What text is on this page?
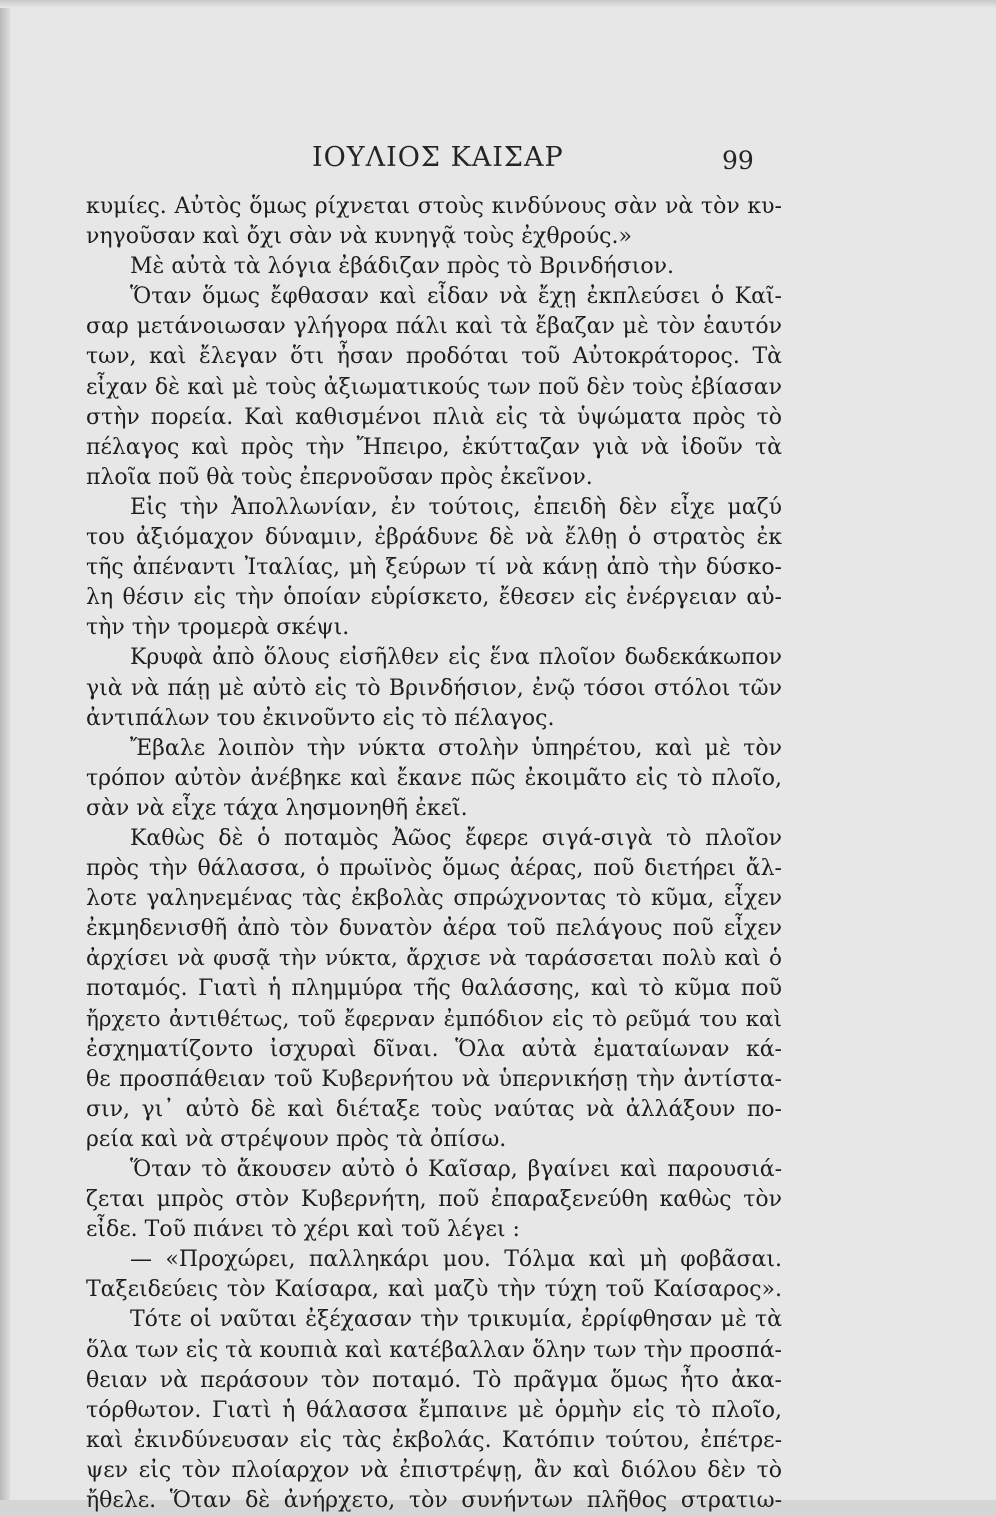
ΙΟΥΛΙΟΣ ΚΑΙΣΑΡ	99
κυμίες. Αὐτὸς ὅμως ρίχνεται στοὺς κινδύνους σὰν νὰ τὸν κυ-
νηγοῦσαν καὶ ὄχι σὰν νὰ κυνηγᾷ τοὺς ἐχθρούς.»
Μὲ αὐτὰ τὰ λόγια ἐβάδιζαν πρὸς τὸ Βρινδήσιον.
Ὅταν ὅμως ἔφθασαν καὶ εἶδαν νὰ ἔχῃ ἐκπλεύσει ὁ Καῖ-
σαρ μετάνοιωσαν γλήγορα πάλι καὶ τὰ ἔβαζαν μὲ τὸν ἑαυτόν
των, καὶ ἔλεγαν ὅτι ἦσαν προδόται τοῦ Αὐτοκράτορος. Τὰ
εἶχαν δὲ καὶ μὲ τοὺς ἀξιωματικούς των ποῦ δὲν τοὺς ἐβίασαν
στὴν πορεία. Καὶ καθισμένοι πλιὰ εἰς τὰ ὑψώματα πρὸς τὸ
πέλαγος καὶ πρὸς τὴν Ἤπειρο, ἐκύτταζαν γιὰ νὰ ἰδοῦν τὰ
πλοῖα ποῦ θὰ τοὺς ἐπερνοῦσαν πρὸς ἐκεῖνον.
Εἰς τὴν Ἀπολλωνίαν, ἐν τούτοις, ἐπειδὴ δὲν εἶχε μαζύ
του ἀξιόμαχον δύναμιν, ἐβράδυνε δὲ νὰ ἔλθῃ ὁ στρατὸς ἐκ
τῆς ἀπέναντι Ἰταλίας, μὴ ξεύρων τί νὰ κάνῃ ἀπὸ τὴν δύσκο-
λη θέσιν εἰς τὴν ὁποίαν εὑρίσκετο, ἔθεσεν εἰς ἐνέργειαν αὐ-
τὴν τὴν τρομερὰ σκέψι.
Κρυφὰ ἀπὸ ὅλους εἰσῆλθεν εἰς ἕνα πλοῖον δωδεκάκωπον
γιὰ νὰ πάῃ μὲ αὐτὸ εἰς τὸ Βρινδήσιον, ἐνῷ τόσοι στόλοι τῶν
ἀντιπάλων του ἐκινοῦντο εἰς τὸ πέλαγος.
Ἔβαλε λοιπὸν τὴν νύκτα στολὴν ὑπηρέτου, καὶ μὲ τὸν
τρόπον αὐτὸν ἀνέβηκε καὶ ἔκανε πῶς ἐκοιμᾶτο εἰς τὸ πλοῖο,
σὰν νὰ εἶχε τάχα λησμονηθῆ ἐκεῖ.
Καθὼς δὲ ὁ ποταμὸς Ἀῶος ἔφερε σιγά-σιγὰ τὸ πλοῖον
πρὸς τὴν θάλασσα, ὁ πρωϊνὸς ὅμως ἀέρας, ποῦ διετήρει ἄλ-
λοτε γαληνεμένας τὰς ἐκβολὰς σπρώχνοντας τὸ κῦμα, εἶχεν
ἐκμηδενισθῆ ἀπὸ τὸν δυνατὸν ἀέρα τοῦ πελάγους ποῦ εἶχεν
ἀρχίσει νὰ φυσᾷ τὴν νύκτα, ἄρχισε νὰ ταράσσεται πολὺ καὶ ὁ
ποταμός. Γιατὶ ἡ πλημμύρα τῆς θαλάσσης, καὶ τὸ κῦμα ποῦ
ἤρχετο ἀντιθέτως, τοῦ ἔφερναν ἐμπόδιον εἰς τὸ ρεῦμά του καὶ
ἐσχηματίζοντο ἰσχυραὶ δῖναι. Ὅλα αὐτὰ ἐματαίωναν κά-
θε προσπάθειαν τοῦ Κυβερνήτου νὰ ὑπερνικήσῃ τὴν ἀντίστα-
σιν, γι᾽ αὐτὸ δὲ καὶ διέταξε τοὺς ναύτας νὰ ἀλλάξουν πο-
ρεία καὶ νὰ στρέψουν πρὸς τὰ ὀπίσω.
Ὅταν τὸ ἄκουσεν αὐτὸ ὁ Καῖσαρ, βγαίνει καὶ παρουσιά-
ζεται μπρὸς στὸν Κυβερνήτη, ποῦ ἐπαραξενεύθη καθὼς τὸν
εἶδε. Τοῦ πιάνει τὸ χέρι καὶ τοῦ λέγει :
— «Προχώρει, παλληκάρι μου. Τόλμα καὶ μὴ φοβᾶσαι.
Ταξειδεύεις τὸν Καίσαρα, καὶ μαζὺ τὴν τύχη τοῦ Καίσαρος».
Τότε οἱ ναῦται ἐξέχασαν τὴν τρικυμία, ἐρρίφθησαν μὲ τὰ
ὅλα των εἰς τὰ κουπιὰ καὶ κατέβαλλαν ὅλην των τὴν προσπά-
θειαν νὰ περάσουν τὸν ποταμό. Τὸ πρᾶγμα ὅμως ἦτο ἀκα-
τόρθωτον. Γιατὶ ἡ θάλασσα ἔμπαινε μὲ ὁρμὴν εἰς τὸ πλοῖο,
καὶ ἐκινδύνευσαν εἰς τὰς ἐκβολάς. Κατόπιν τούτου, ἐπέτρε-
ψεν εἰς τὸν πλοίαρχον νὰ ἐπιστρέψῃ, ἂν καὶ διόλου δὲν τὸ
ἤθελε. Ὅταν δὲ ἀνήρχετο, τὸν συνήντων πλῆθος στρατιω-
